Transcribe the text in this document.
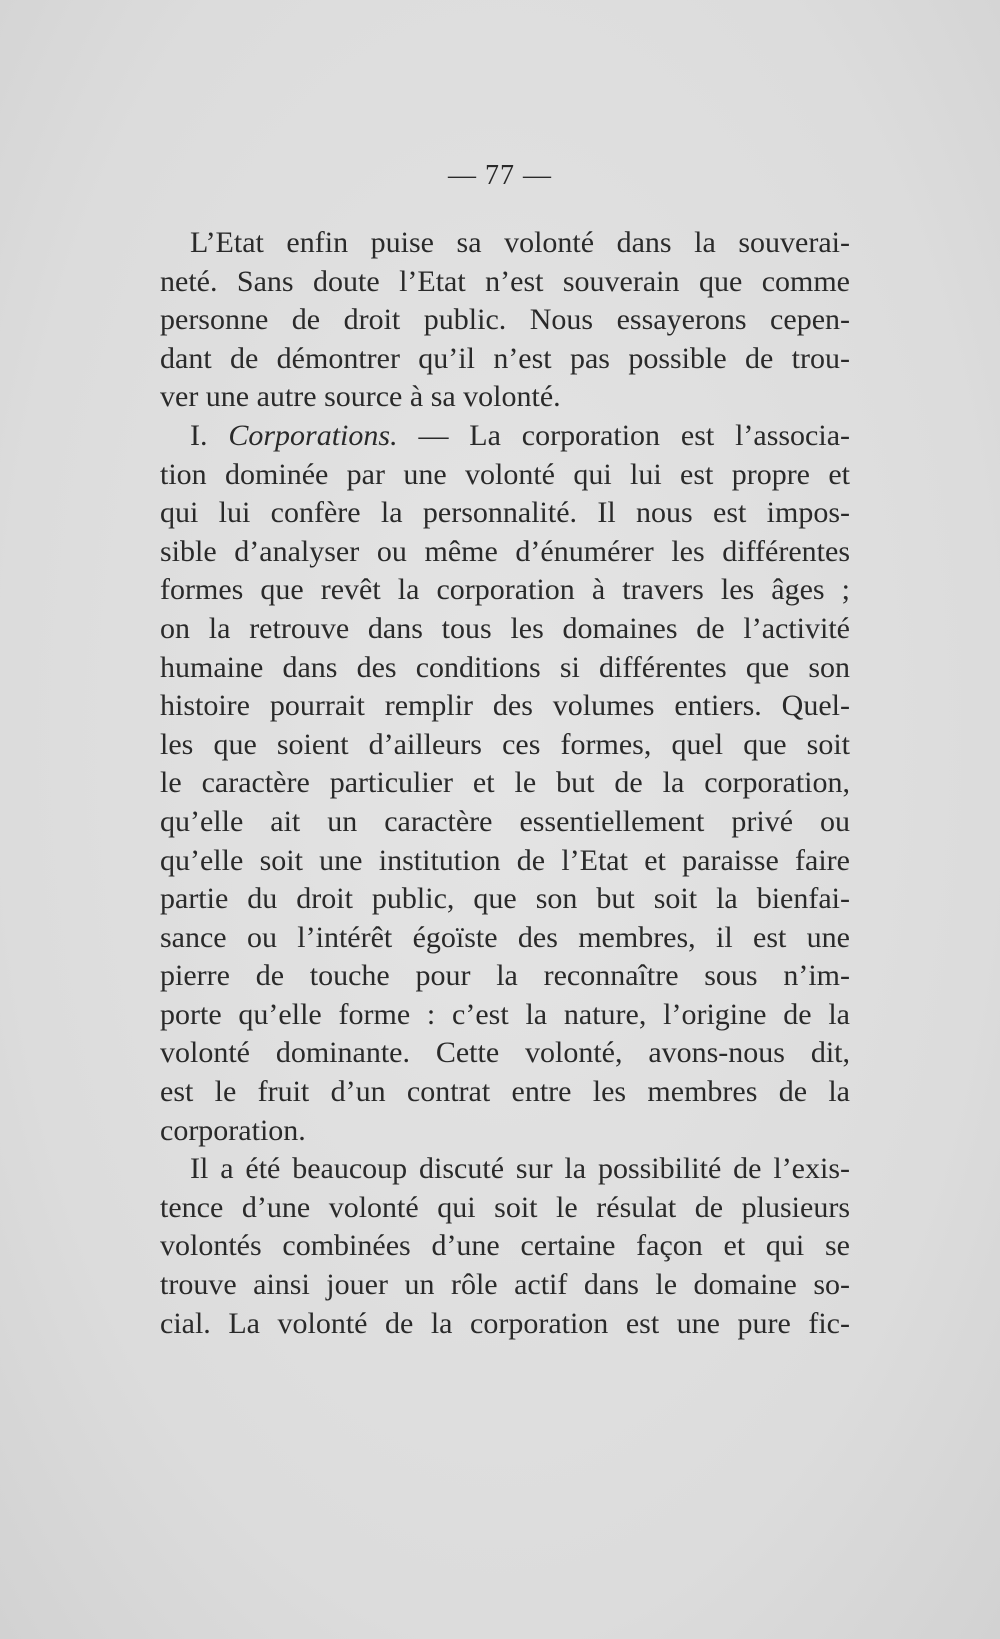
— 77 —
L’Etat enfin puise sa volonté dans la souverai-
neté. Sans doute l’Etat n’est souverain que comme
personne de droit public. Nous essayerons cepen-
dant de démontrer qu’il n’est pas possible de trou-
ver une autre source à sa volonté.
I. Corporations. — La corporation est l’associa-
tion dominée par une volonté qui lui est propre et
qui lui confère la personnalité. Il nous est impos-
sible d’analyser ou même d’énumérer les différentes
formes que revêt la corporation à travers les âges ;
on la retrouve dans tous les domaines de l’activité
humaine dans des conditions si différentes que son
histoire pourrait remplir des volumes entiers. Quel-
les que soient d’ailleurs ces formes, quel que soit
le caractère particulier et le but de la corporation,
qu’elle ait un caractère essentiellement privé ou
qu’elle soit une institution de l’Etat et paraisse faire
partie du droit public, que son but soit la bienfai-
sance ou l’intérêt égoïste des membres, il est une
pierre de touche pour la reconnaître sous n’im-
porte qu’elle forme : c’est la nature, l’origine de la
volonté dominante. Cette volonté, avons-nous dit,
est le fruit d’un contrat entre les membres de la
corporation.
Il a été beaucoup discuté sur la possibilité de l’exis-
tence d’une volonté qui soit le résulat de plusieurs
volontés combinées d’une certaine façon et qui se
trouve ainsi jouer un rôle actif dans le domaine so-
cial. La volonté de la corporation est une pure fic-
